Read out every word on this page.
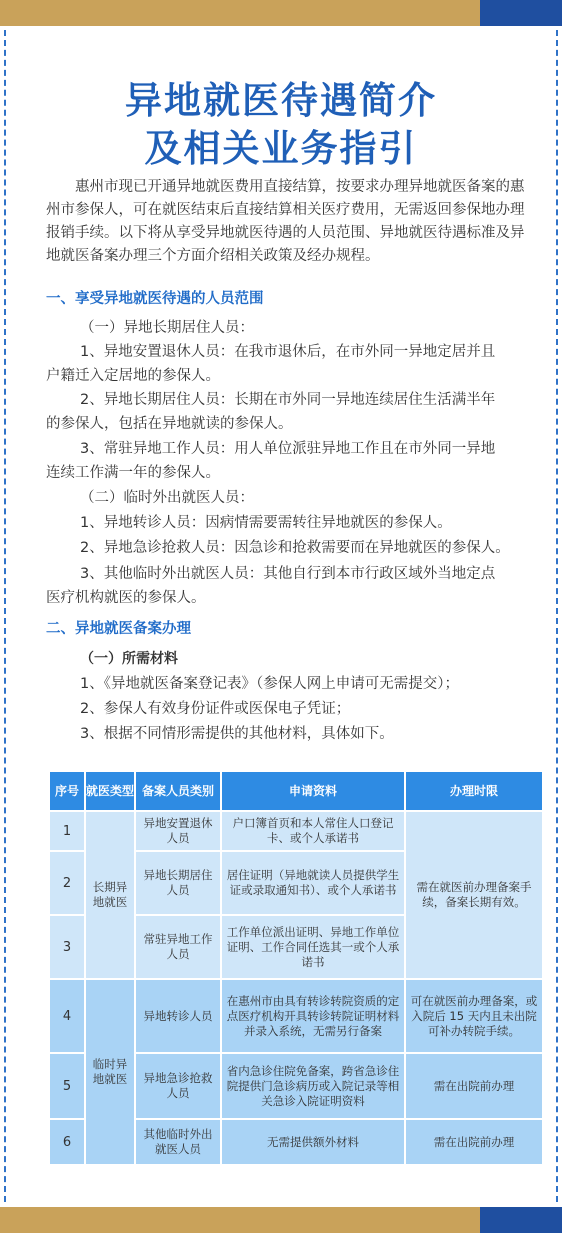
异地就医待遇简介
及相关业务指引
惠州市现已开通异地就医费用直接结算，按要求办理异地就医备案的惠州市参保人，可在就医结束后直接结算相关医疗费用，无需返回参保地办理报销手续。以下将从享受异地就医待遇的人员范围、异地就医待遇标准及异地就医备案办理三个方面介绍相关政策及经办规程。
一、享受异地就医待遇的人员范围
（一）异地长期居住人员：
1、异地安置退休人员：在我市退休后，在市外同一异地定居并且
户籍迁入定居地的参保人。
2、异地长期居住人员：长期在市外同一异地连续居住生活满半年
的参保人，包括在异地就读的参保人。
3、常驻异地工作人员：用人单位派驻异地工作且在市外同一异地
连续工作满一年的参保人。
（二）临时外出就医人员：
1、异地转诊人员：因病情需要需转往异地就医的参保人。
2、异地急诊抢救人员：因急诊和抢救需要而在异地就医的参保人。
3、其他临时外出就医人员：其他自行到本市行政区域外当地定点
医疗机构就医的参保人。
二、异地就医备案办理
（一）所需材料
1、《异地就医备案登记表》（参保人网上申请可无需提交）；
2、参保人有效身份证件或医保电子凭证；
3、根据不同情形需提供的其他材料，具体如下。
序号	就医类型	备案人员类别	申请资料	办理时限
1	长期异地就医	异地安置退休人员	户口簿首页和本人常住人口登记卡、或个人承诺书	需在就医前办理备案手续，备案长期有效。
2		异地长期居住人员	居住证明（异地就读人员提供学生证或录取通知书）、或个人承诺书	
3		常驻异地工作人员	工作单位派出证明、异地工作单位证明、工作合同任选其一或个人承诺书	
4	临时异地就医	异地转诊人员	在惠州市由具有转诊转院资质的定点医疗机构开具转诊转院证明材料并录入系统，无需另行备案	可在就医前办理备案，或入院后 15 天内且未出院可补办转院手续。
5		异地急诊抢救人员	省内急诊住院免备案，跨省急诊住院提供门急诊病历或入院记录等相关急诊入院证明资料	需在出院前办理
6		其他临时外出就医人员	无需提供额外材料	需在出院前办理
